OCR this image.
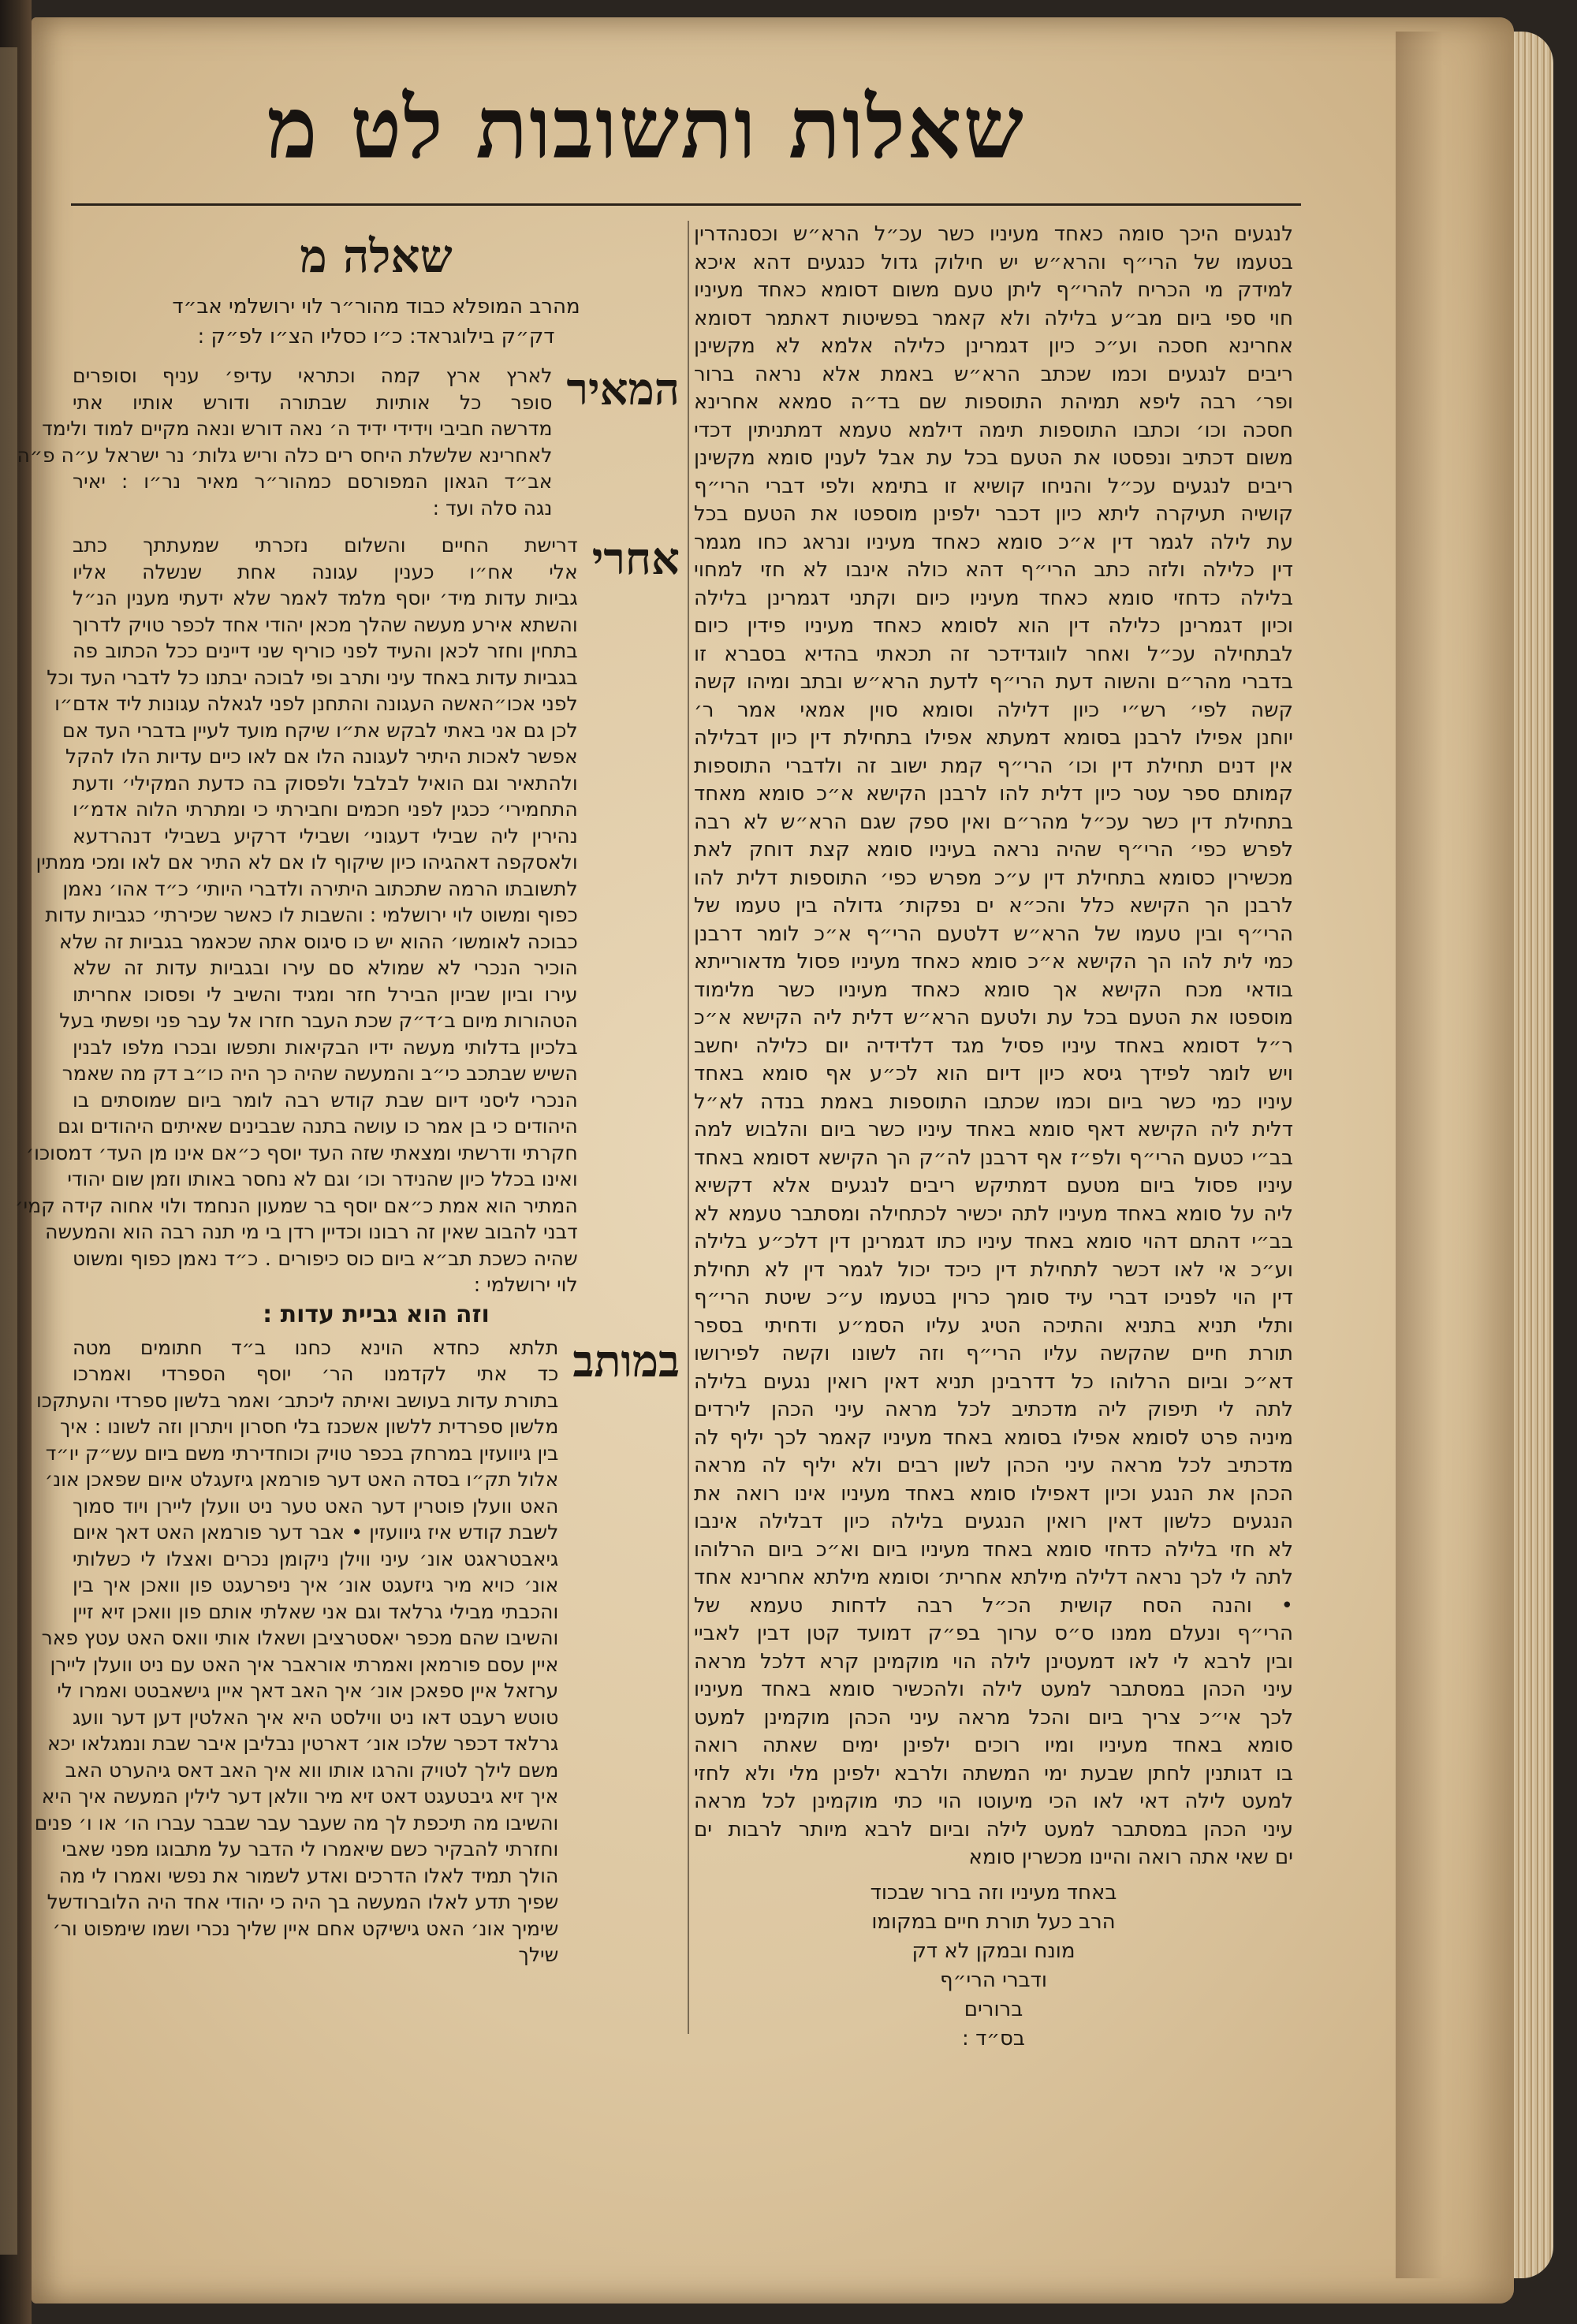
שאלות ותשובות לט מ
לנגעים היכך סומה כאחד מעיניו כשר עכ״ל הרא״ש וכסנהדרין
בטעמו של הרי״ף והרא״ש יש חילוק גדול כנגעים דהא איכא
למידק מי הכריח להרי״ף ליתן טעם משום דסומא כאחד מעיניו
חוי ספי ביום מב״ע בלילה ולא קאמר בפשיטות דאתמר דסומא
אחרינא חסכה וע״כ כיון דגמרינן כלילה אלמא לא מקשינן
ריבים לנגעים וכמו שכתב הרא״ש באמת אלא נראה ברור
ופר׳ רבה ליפא תמיהת התוספות שם בד״ה סמאא אחרינא
חסכה וכו׳ וכתבו התוספות תימה דילמא טעמא דמתניתין דכדי
משום דכתיב ונפסטו את הטעם בכל עת אבל לענין סומא מקשינן
ריבים לנגעים עכ״ל והניחו קושיא זו בתימא ולפי דברי הרי״ף
קושיה תעיקרה ליתא כיון דכבר ילפינן מוספטו את הטעם בכל
עת לילה לגמר דין א״כ סומא כאחד מעיניו ונראג כחו מגמר
דין כלילה ולזה כתב הרי״ף דהא כולה אינבו לא חזי למחוי
בלילה כדחזי סומא כאחד מעיניו כיום וקתני דגמרינן בלילה
וכיון דגמרינן כלילה דין הוא לסומא כאחד מעיניו פידין כיום
לבתחילה עכ״ל ואחר לווגדידכר זה תכאתי בהדיא בסברא זו
בדברי מהר״ם והשוה דעת הרי״ף לדעת הרא״ש ובתב ומיהו קשה
קשה לפי׳ רש״י כיון דלילה וסומא סוין אמאי אמר ר׳
יוחנן אפילו לרבנן בסומא דמעתא אפילו בתחילת דין כיון דבלילה
אין דנים תחילת דין וכו׳ הרי״ף קמת ישוב זה ולדברי התוספות
קמותם ספר עטר כיון דלית להו לרבנן הקישא א״כ סומא מאחד
בתחילת דין כשר עכ״ל מהר״ם ואין ספק שגם הרא״ש לא רבה
לפרש כפי׳ הרי״ף שהיה נראה בעיניו סומא קצת דוחק לאת
מכשירין כסומא בתחילת דין ע״כ מפרש כפי׳ התוספות דלית להו
לרבנן הך הקישא כלל והכ״א ים נפקות׳ גדולה בין טעמו של
הרי״ף ובין טעמו של הרא״ש דלטעם הרי״ף א״כ לומר דרבנן
כמי לית להו הך הקישא א״כ סומא כאחד מעיניו פסול מדאורייתא
בודאי מכח הקישא אך סומא כאחד מעיניו כשר מלימוד
מוספטו את הטעם בכל עת ולטעם הרא״ש דלית ליה הקישא א״כ
ר״ל דסומא באחד עיניו פסיל מגד דלדידיה יום כלילה יחשב
ויש לומר לפידך גיסא כיון דיום הוא לכ״ע אף סומא באחד
עיניו כמי כשר ביום וכמו שכתבו התוספות באמת בנדה לא״ל
דלית ליה הקישא דאף סומא באחד עיניו כשר ביום והלבוש למה
בב״י כטעם הרי״ף ולפ״ז אף דרבנן לה״ק הך הקישא דסומא באחד
עיניו פסול ביום מטעם דמתיקש ריבים לנגעים אלא דקשיא
ליה על סומא באחד מעיניו לתה יכשיר לכתחילה ומסתבר טעמא לא
בב״י דהתם דהוי סומא באחד עיניו כתו דגמרינן דין דלכ״ע בלילה
וע״כ אי לאו דכשר לתחילת דין כיכד יכול לגמר דין לא תחילת
דין הוי לפניכו דברי עיד סומך כרוין בטעמו ע״כ שיטת הרי״ף
ותלי תניא בתניא והתיכה הטיג עליו הסמ״ע ודחיתי בספר
תורת חיים שהקשה עליו הרי״ף וזה לשונו וקשה לפירושו
דא״כ וביום הרלוהו כל דדרבינן תניא דאין רואין נגעים בלילה
לתה לי תיפוק ליה מדכתיב לכל מראה עיני הכהן לירדים
מיניה פרט לסומא אפילו בסומא באחד מעיניו קאמר לכך יליף לה
מדכתיב לכל מראה עיני הכהן לשון רבים ולא יליף לה מראה
הכהן את הנגע וכיון דאפילו סומא באחד מעיניו אינו רואה את
הנגעים כלשון דאין רואין הנגעים בלילה כיון דבלילה אינבו
לא חזי בלילה כדחזי סומא באחד מעיניו ביום וא״כ ביום הרלוהו
לתה לי לכך נראה דלילה מילתא אחרית׳ וסומא מילתא אחרינא אחד
• והנה הסח קושית הכ״ל רבה לדחות טעמא של
הרי״ף ונעלם ממנו ס״ס ערוך בפ״ק דמועד קטן דבין לאביי
ובין לרבא לי לאו דמעטינן לילה הוי מוקמינן קרא דלכל מראה
עיני הכהן במסתבר למעט לילה ולהכשיר סומא באחד מעיניו
לכך אי״כ צריך ביום והכל מראה עיני הכהן מוקמינן למעט
סומא באחד מעיניו ומיו רוכים ילפינן ימים שאתה רואה
בו דגותנין לחתן שבעת ימי המשתה ולרבא ילפינן מלי ולא לחזי
למעט לילה דאי לאו הכי מיעוטו הוי כתי מוקמינן לכל מראה
עיני הכהן במסתבר למעט לילה וביום לרבא מיותר לרבות ים
ים שאי אתה רואה והיינו מכשרין סומא
באחד מעיניו וזה ברור שבכוד
הרב כעל תורת חיים במקומו
מונח ובמקן לא דק
ודברי הרי״ף
ברורים
בס״ד :
שאלה מ
מהרב המופלא כבוד מהור״ר לוי ירושלמי אב״ד
דק״ק בילוגראד: כ״ו כסליו הצ״ו לפ״ק :
המאיר
לארץ ארץ קמה וכתראי עדיפ׳ עניף וסופרים
סופר כל אותיות שבתורה ודורש אותיו אתי
מדרשה חביבי וידידי ידיד ה׳ נאה דורש ונאה מקיים למוד ולימד
לאחרינא שלשלת היחס רים כלה וריש גלות׳ נר ישראל ע״ה פ״ה
אב״ד הגאון המפורסם כמהור״ר מאיר נר״ו : יאיר
נגה סלה ועד :
אחרי
דרישת החיים והשלום נזכרתי שמעתתך כתב
אלי אח״ו כענין עגונה אחת שנשלה אליו
גביות עדות מיד׳ יוסף מלמד לאמר שלא ידעתי מענין הנ״ל
והשתא אירע מעשה שהלך מכאן יהודי אחד לכפר טויק לדרוך
בתחין וחזר לכאן והעיד לפני כוריף שני דיינים ככל הכתוב פה
בגביות עדות באחד עיני ותרב ופי לבוכה יבתנו כל לדברי העד וכל
לפני אכו״האשה העגונה והתחנן לפני לגאלה עגונות ליד אדם״ו
לכן גם אני באתי לבקש את״ו שיקח מועד לעיין בדברי העד אם
אפשר לאכות היתיר לעגונה הלו אם לאו כיים עדיות הלו להקל
ולהתאיר וגם הואיל לבלבל ולפסוק בה כדעת המקילי׳ ודעת
התחמירי׳ ככגין לפני חכמים וחבירתי כי ומתרתי הלוה אדמ״ו
נהירין ליה שבילי דעגוני׳ ושבילי דרקיע בשבילי דנהרדעא
ולאסקפה דאהגיהו כיון שיקוף לו אם לא התיר אם לאו ומכי ממתין
לתשובתו הרמה שתכתוב היתירה ולדברי היותי׳ כ״ד אהו׳ נאמן
כפוף ומשוט לוי ירושלמי : והשבות לו כאשר שכירתי׳ כגביות עדות
כבוכה לאומשו׳ ההוא יש כו סיגוס אתה שכאמר בגביות זה שלא
הוכיר הנכרי לא שמולא סם עירו ובגביות עדות זה שלא
עירו וביון שביון הבירל חזר ומגיד והשיב לי ופסוכו אחריתו
הטהורות מיום ב׳ד״ק שכת העבר חזרו אל עבר פני ופשתי בעל
בלכיון בדלותי מעשה ידיו הבקיאות ותפשו ובכרו מלפו לבנין
השיש שבתכב כי״ב והמעשה שהיה כך היה כו״ב דק מה שאמר
הנכרי ליסני דיום שבת קודש רבה לומר ביום שמוסתים בו
היהודים כי בן אמר כו עושה בתנה שבבינים שאיתים היהודים וגם
חקרתי ודרשתי ומצאתי שזה העד יוסף כ״אם אינו מן העד׳ דמסוכו׳
ואינו בכלל כיון שהנידר וכו׳ וגם לא נחסר באותו וזמן שום יהודי
המתיר הוא אמת כ״אם יוסף בר שמעון הנחמד ולוי אחוה קידה קמי׳
דבני להבוב שאין זה רבונו וכדיין רדן בי מי תנה רבה הוא והמעשה
שהיה כשכת תב״א ביום כוס כיפורים . כ״ד נאמן כפוף ומשוט
לוי ירושלמי :
וזה הוא גביית עדות :
במותב
תלתא כחדא הוינא כחנו ב״ד חתומים מטה
כד אתי לקדמנו הר׳ יוסף הספרדי ואמרכו
בתורת עדות בעושב ואיתה ליכתב׳ ואמר בלשון ספרדי והעתקכו
מלשון ספרדית ללשון אשכנז בלי חסרון ויתרון וזה לשונו : איך
בין גיוועזין במרחק בכפר טויק וכוחדירתי משם ביום עש״ק יו״ד
אלול תק״ו בסדה האט דער פורמאן גיזעגלט איום שפאכן אונ׳
האט וועלן פוטרין דער האט טער ניט וועלן ליירן ויוד סמוך
לשבת קודש איז גיוועזין • אבר דער פורמאן האט דאך איום
גיאבטראגט אונ׳ עיני ווילן ניקומן נכרים ואצלו לי כשלותי
אונ׳ כויא מיר גיזעגט אונ׳ איך ניפרעגט פון וואכן איך בין
והכבתי מבילי גרלאד וגם אני שאלתי אותם פון וואכן זיא זיין
והשיבו שהם מכפר יאסטרציבן ושאלו אותי וואס האט עטץ פאר
איין עסם פורמאן ואמרתי אוראבר איך האט עם ניט וועלן ליירן
ערזאל איין ספאכן אונ׳ איך האב דאך איין גישאבטט ואמרו לי
טוטש רעבט דאו ניט ווילסט היא איך האלטין דען דער וועג
גרלאד דכפר שלכו אונ׳ דארטין נבליבן איבר שבת ונמגלאו יכא
משם לילך לטויק והרגו אותו ווא איך האב דאס גיהערט האב
איך זיא גיבטעגט דאט זיא מיר וולאן דער לילין המעשה איך היא
והשיבו מה תיכפת לך מה שעבר עבר שבבר עברו הו׳ או ו׳ פנים
וחזרתי להבקיר כשם שיאמרו לי הדבר על מתבוגו מפני שאבי
הולך תמיד לאלו הדרכים ואדע לשמור את נפשי ואמרו לי מה
שפיך תדע לאלו המעשה בך היה כי יהודי אחד היה הלוברודשל
שימיך אונ׳ האט גישיקט אחם איין שליך נכרי ושמו שימפוט ור׳
שילך
